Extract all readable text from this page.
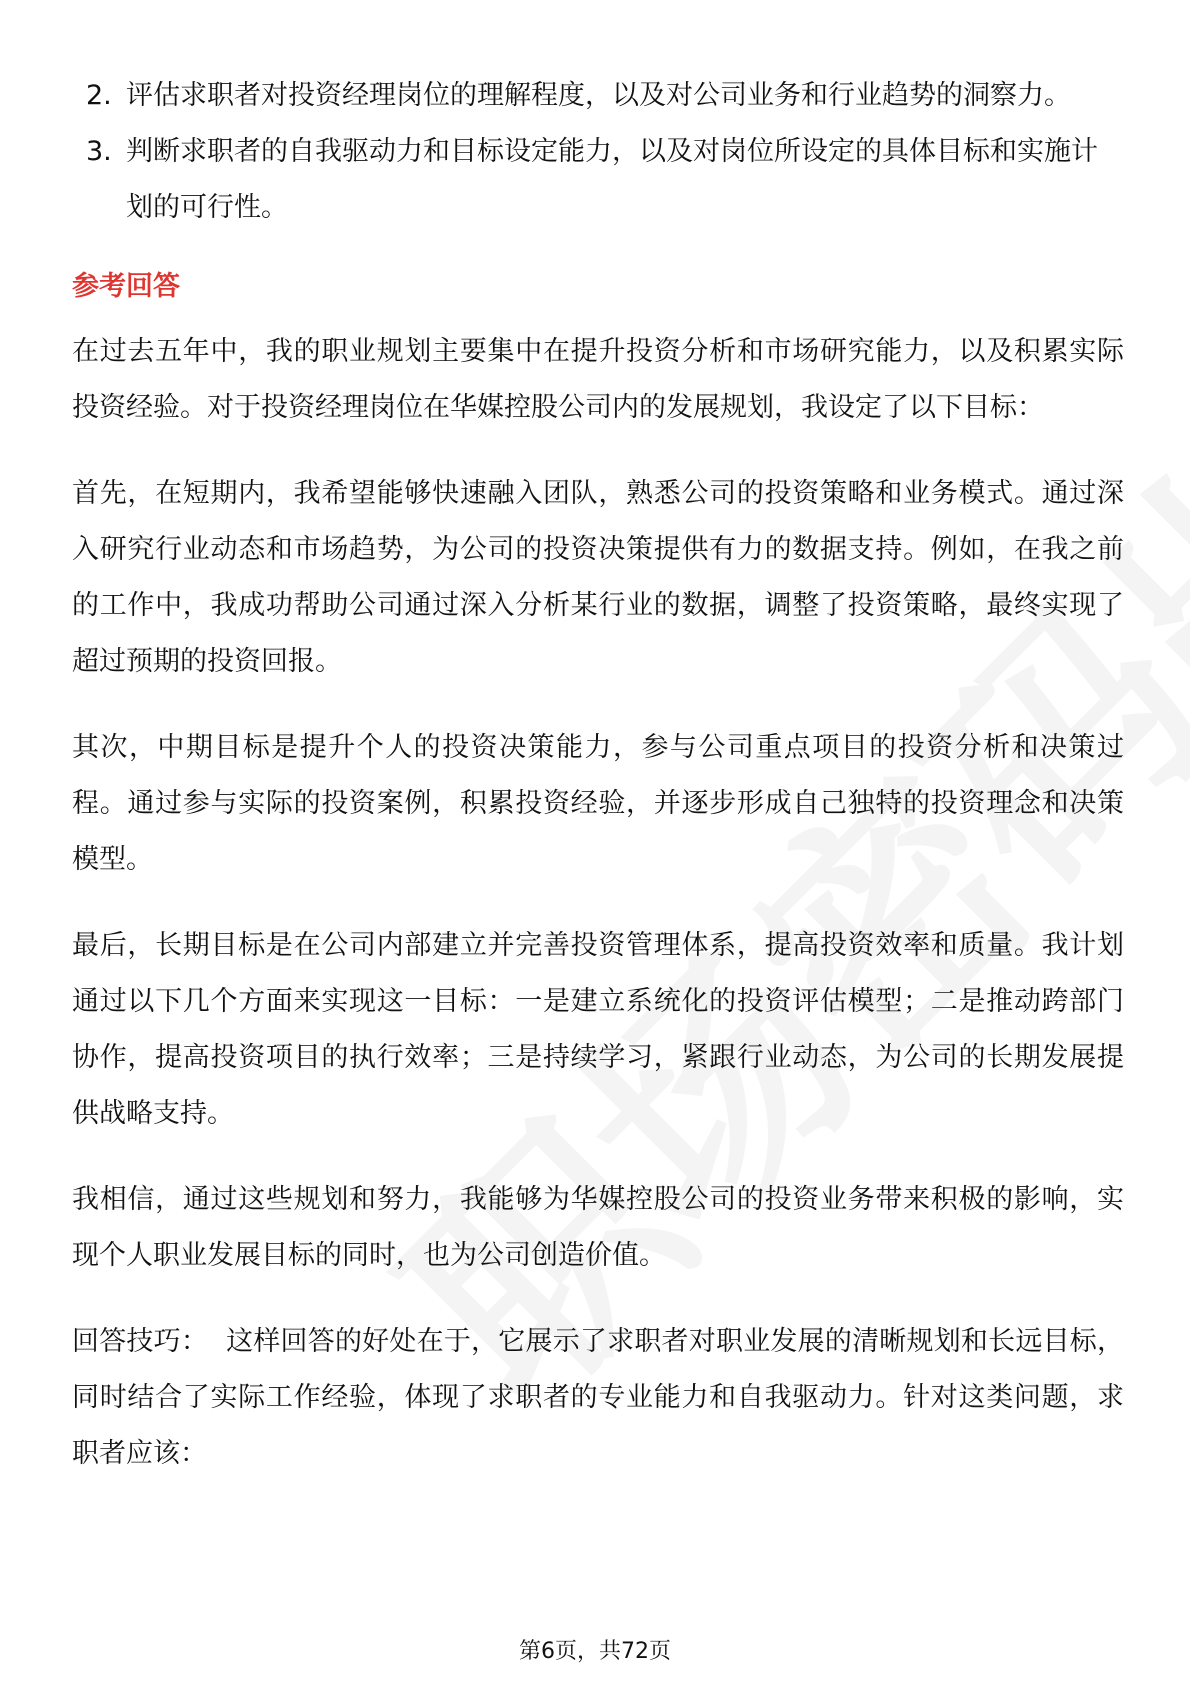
2. 评估求职者对投资经理岗位的理解程度，以及对公司业务和行业趋势的洞察力。
3. 判断求职者的自我驱动力和目标设定能力，以及对岗位所设定的具体目标和实施计划的可行性。
参考回答

在过去五年中，我的职业规划主要集中在提升投资分析和市场研究能力，以及积累实际投资经验。对于投资经理岗位在华媒控股公司内的发展规划，我设定了以下目标：

首先，在短期内，我希望能够快速融入团队，熟悉公司的投资策略和业务模式。通过深入研究行业动态和市场趋势，为公司的投资决策提供有力的数据支持。例如，在我之前的工作中，我成功帮助公司通过深入分析某行业的数据，调整了投资策略，最终实现了超过预期的投资回报。

其次，中期目标是提升个人的投资决策能力，参与公司重点项目的投资分析和决策过程。通过参与实际的投资案例，积累投资经验，并逐步形成自己独特的投资理念和决策模型。

最后，长期目标是在公司内部建立并完善投资管理体系，提高投资效率和质量。我计划通过以下几个方面来实现这一目标：一是建立系统化的投资评估模型；二是推动跨部门协作，提高投资项目的执行效率；三是持续学习，紧跟行业动态，为公司的长期发展提供战略支持。

我相信，通过这些规划和努力，我能够为华媒控股公司的投资业务带来积极的影响，实现个人职业发展目标的同时，也为公司创造价值。

回答技巧： 这样回答的好处在于，它展示了求职者对职业发展的清晰规划和长远目标，同时结合了实际工作经验，体现了求职者的专业能力和自我驱动力。针对这类问题，求职者应该：

第6页，共72页
